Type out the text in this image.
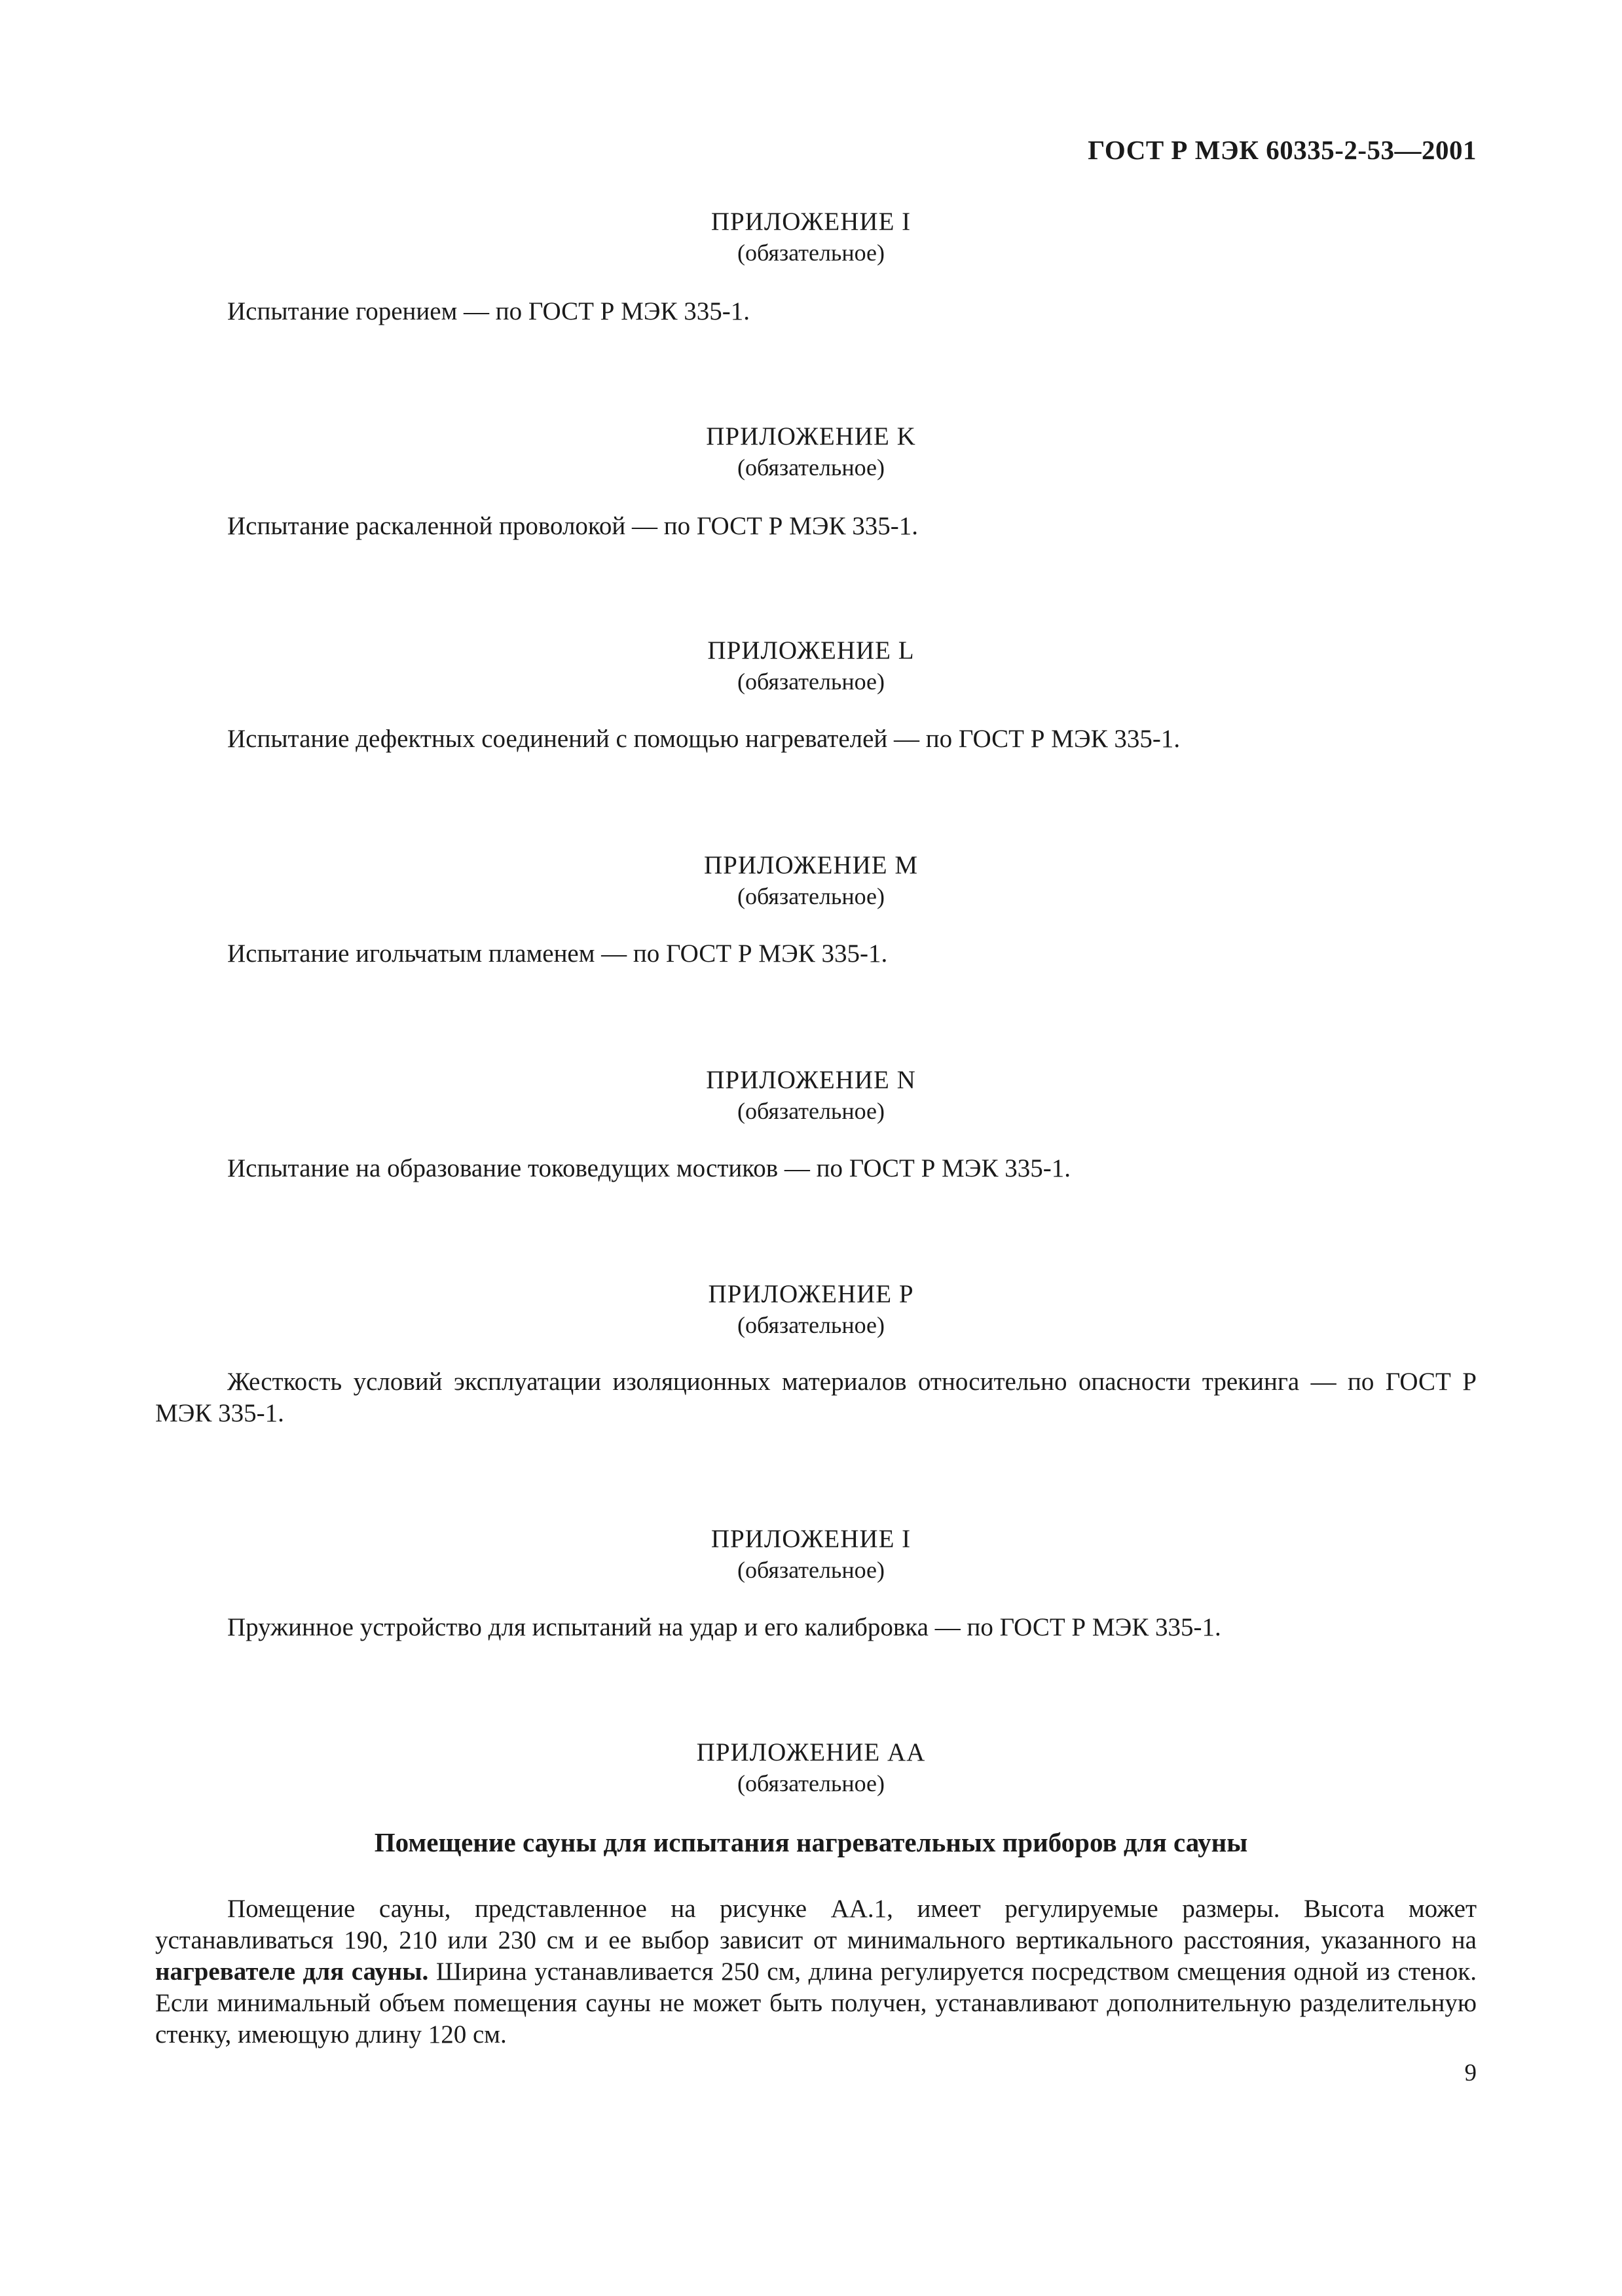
ГОСТ Р МЭК 60335-2-53—2001
ПРИЛОЖЕНИЕ I
(обязательное)
Испытание горением — по ГОСТ Р МЭК 335-1.
ПРИЛОЖЕНИЕ K
(обязательное)
Испытание раскаленной проволокой — по ГОСТ Р МЭК 335-1.
ПРИЛОЖЕНИЕ L
(обязательное)
Испытание дефектных соединений с помощью нагревателей — по ГОСТ Р МЭК 335-1.
ПРИЛОЖЕНИЕ M
(обязательное)
Испытание игольчатым пламенем — по ГОСТ Р МЭК 335-1.
ПРИЛОЖЕНИЕ N
(обязательное)
Испытание на образование токоведущих мостиков — по ГОСТ Р МЭК 335-1.
ПРИЛОЖЕНИЕ P
(обязательное)
Жесткость условий эксплуатации изоляционных материалов относительно опасности трекинга — по ГОСТ Р МЭК 335-1.
ПРИЛОЖЕНИЕ I
(обязательное)
Пружинное устройство для испытаний на удар и его калибровка — по ГОСТ Р МЭК 335-1.
ПРИЛОЖЕНИЕ AA
(обязательное)
Помещение сауны для испытания нагревательных приборов для сауны
Помещение сауны, представленное на рисунке AA.1, имеет регулируемые размеры. Высота может устанавливаться 190, 210 или 230 см и ее выбор зависит от минимального вертикального расстояния, указанного на нагревателе для сауны. Ширина устанавливается 250 см, длина регулируется посредством смещения одной из стенок. Если минимальный объем помещения сауны не может быть получен, устанавливают дополнительную разделительную стенку, имеющую длину 120 см.
9
